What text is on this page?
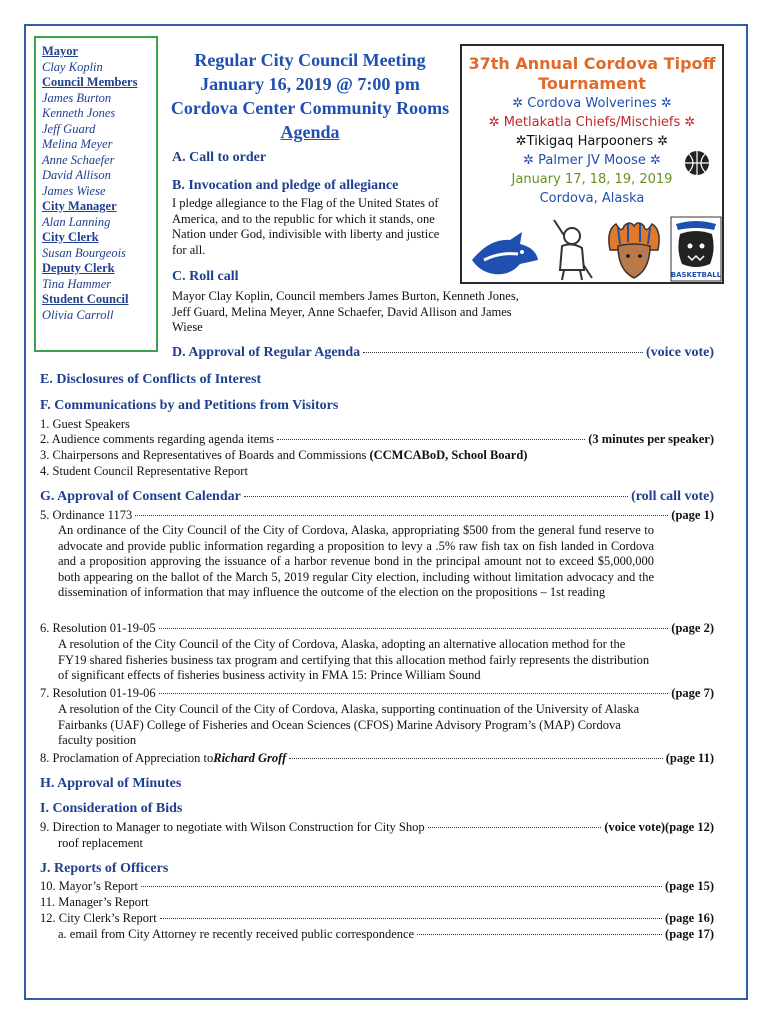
Mayor
Clay Koplin
Council Members
James Burton
Kenneth Jones
Jeff Guard
Melina Meyer
Anne Schaefer
David Allison
James Wiese
City Manager
Alan Lanning
City Clerk
Susan Bourgeois
Deputy Clerk
Tina Hammer
Student Council
Olivia Carroll
Regular City Council Meeting
January 16, 2019 @ 7:00 pm
Cordova Center Community Rooms
Agenda
37th Annual Cordova Tipoff
Tournament
✲ Cordova Wolverines ✲
✲ Metlakatla Chiefs/Mischiefs ✲
✲Tikigaq Harpooners ✲
✲ Palmer JV Moose ✲
January 17, 18, 19, 2019
Cordova, Alaska
BASKETBALL
A. Call to order
B. Invocation and pledge of allegiance
I pledge allegiance to the Flag of the United States of America, and to the republic for which it stands, one Nation under God, indivisible with liberty and justice for all.
C. Roll call
Mayor Clay Koplin, Council members James Burton, Kenneth Jones, Jeff Guard, Melina Meyer, Anne Schaefer, David Allison and James Wiese
D. Approval of Regular Agenda	(voice vote)
E. Disclosures of Conflicts of Interest
F. Communications by and Petitions from Visitors
1. Guest Speakers
2. Audience comments regarding agenda items	(3 minutes per speaker)
3. Chairpersons and Representatives of Boards and Commissions (CCMCABoD, School Board)
4. Student Council Representative Report
G. Approval of Consent Calendar	(roll call vote)
5. Ordinance 1173	(page 1)
An ordinance of the City Council of the City of Cordova, Alaska, appropriating $500 from the general fund reserve to advocate and provide public information regarding a proposition to levy a .5% raw fish tax on fish landed in Cordova and a proposition approving the issuance of a harbor revenue bond in the principal amount not to exceed $5,000,000 both appearing on the ballot of the March 5, 2019 regular City election, including without limitation advocacy and the dissemination of information that may influence the outcome of the election on the propositions – 1st reading
6. Resolution 01-19-05	(page 2)
A resolution of the City Council of the City of Cordova, Alaska, adopting an alternative allocation method for the FY19 shared fisheries business tax program and certifying that this allocation method fairly represents the distribution of significant effects of fisheries business activity in FMA 15: Prince William Sound
7. Resolution 01-19-06	(page 7)
A resolution of the City Council of the City of Cordova, Alaska, supporting continuation of the University of Alaska Fairbanks (UAF) College of Fisheries and Ocean Sciences (CFOS) Marine Advisory Program’s (MAP) Cordova faculty position
8. Proclamation of Appreciation to Richard Groff	(page 11)
H. Approval of Minutes
I. Consideration of Bids
9. Direction to Manager to negotiate with Wilson Construction for City Shop	(voice vote)(page 12)
roof replacement
J. Reports of Officers
10. Mayor’s Report	(page 15)
11. Manager’s Report
12. City Clerk’s Report	(page 16)
a. email from City Attorney re recently received public correspondence	(page 17)
